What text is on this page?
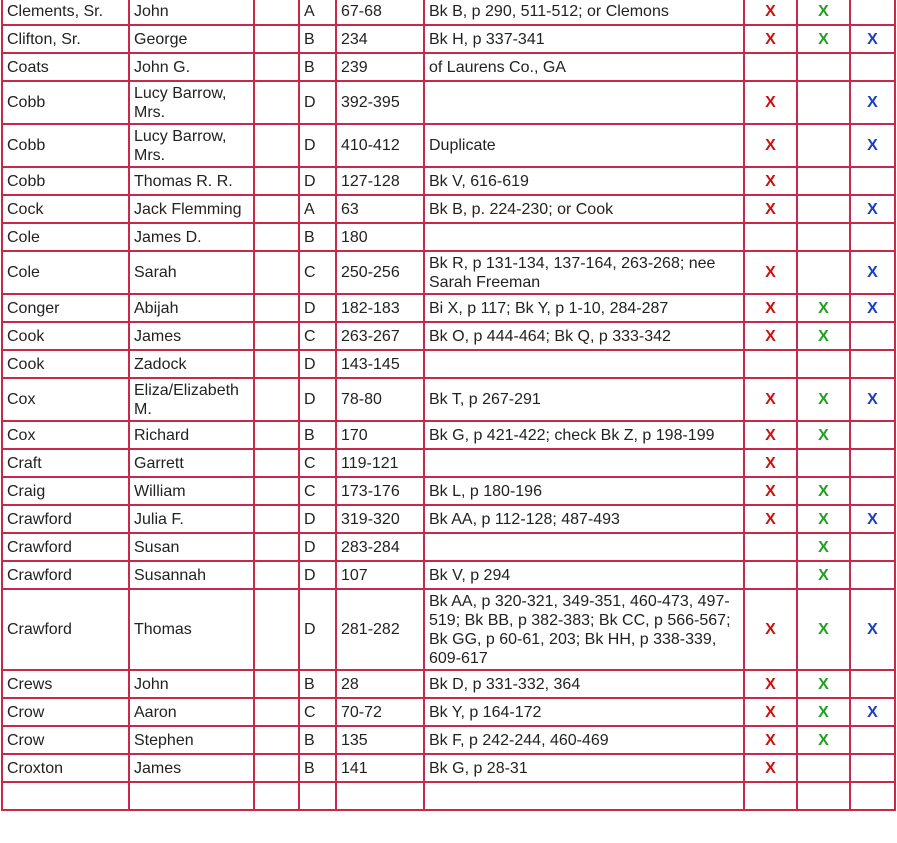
Clements, Sr.	John		A	67-68	Bk B, p 290, 511-512; or Clemons	X	X	
Clifton, Sr.	George		B	234	Bk H, p 337-341	X	X	X
Coats	John G.		B	239	of Laurens Co., GA			
Cobb	Lucy Barrow, Mrs.		D	392-395		X		X
Cobb	Lucy Barrow, Mrs.		D	410-412	Duplicate	X		X
Cobb	Thomas R. R.		D	127-128	Bk V, 616-619	X		
Cock	Jack Flemming		A	63	Bk B, p. 224-230; or Cook	X		X
Cole	James D.		B	180				
Cole	Sarah		C	250-256	Bk R, p 131-134, 137-164, 263-268; nee Sarah Freeman	X		X
Conger	Abijah		D	182-183	Bi X, p 117; Bk Y, p 1-10, 284-287	X	X	X
Cook	James		C	263-267	Bk O, p 444-464; Bk Q, p 333-342	X	X	
Cook	Zadock		D	143-145				
Cox	Eliza/Elizabeth M.		D	78-80	Bk T, p 267-291	X	X	X
Cox	Richard		B	170	Bk G, p 421-422; check Bk Z, p 198-199	X	X	
Craft	Garrett		C	119-121		X		
Craig	William		C	173-176	Bk L, p 180-196	X	X	
Crawford	Julia F.		D	319-320	Bk AA, p 112-128; 487-493	X	X	X
Crawford	Susan		D	283-284			X	
Crawford	Susannah		D	107	Bk V, p 294		X	
Crawford	Thomas		D	281-282	Bk AA, p 320-321, 349-351, 460-473, 497-519; Bk BB, p 382-383; Bk CC, p 566-567; Bk GG, p 60-61, 203; Bk HH, p 338-339, 609-617	X	X	X
Crews	John		B	28	Bk D, p 331-332, 364	X	X	
Crow	Aaron		C	70-72	Bk Y, p 164-172	X	X	X
Crow	Stephen		B	135	Bk F, p 242-244, 460-469	X	X	
Croxton	James		B	141	Bk G, p 28-31	X		
